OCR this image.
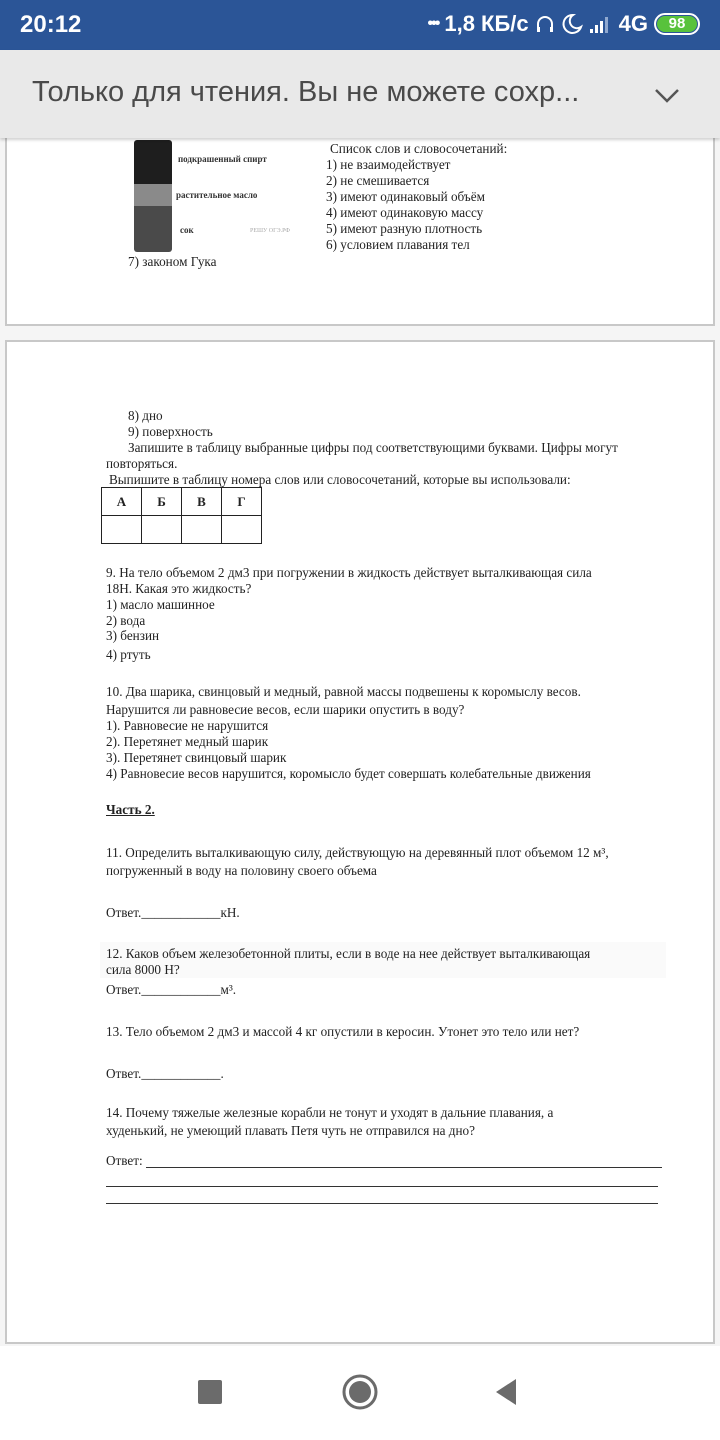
20:12	••• 1,8 КБ/с	4G	98
Только для чтения. Вы не можете сохр...
подкрашенный спирт
растительное масло
сок	РЕШУ ОГЭ.РФ
Список слов и словосочетаний:
1) не взаимодействует
2) не смешивается
3) имеют одинаковый объём
4) имеют одинаковую массу
5) имеют разную плотность
6) условием плавания тел
7) законом Гука
8) дно
9) поверхность
Запишите в таблицу выбранные цифры под соответствующими буквами. Цифры могут
повторяться.
Выпишите в таблицу номера слов или словосочетаний, которые вы использовали:
А	Б	В	Г

9. На тело объемом 2 дм3 при погружении в жидкость действует выталкивающая сила
18Н. Какая это жидкость?
1) масло машинное
2) вода
3) бензин
4) ртуть
10. Два шарика, свинцовый и медный, равной массы подвешены к коромыслу весов.
Нарушится ли равновесие весов, если шарики опустить в воду?
1). Равновесие не нарушится
2). Перетянет медный шарик
3). Перетянет свинцовый шарик
4) Равновесие весов нарушится, коромысло будет совершать колебательные движения
Часть 2.
11. Определить выталкивающую силу, действующую на деревянный плот объемом 12 м³,
погруженный в воду на половину своего объема
Ответ.____________кН.
12. Каков объем железобетонной плиты, если в воде на нее действует выталкивающая
сила 8000 Н?
Ответ.____________м³.
13. Тело объемом 2 дм3 и массой 4 кг опустили в керосин. Утонет это тело или нет?
Ответ.____________.
14. Почему тяжелые железные корабли не тонут и уходят в дальние плавания, а
худенький, не умеющий плавать Петя чуть не отправился на дно?
Ответ:
